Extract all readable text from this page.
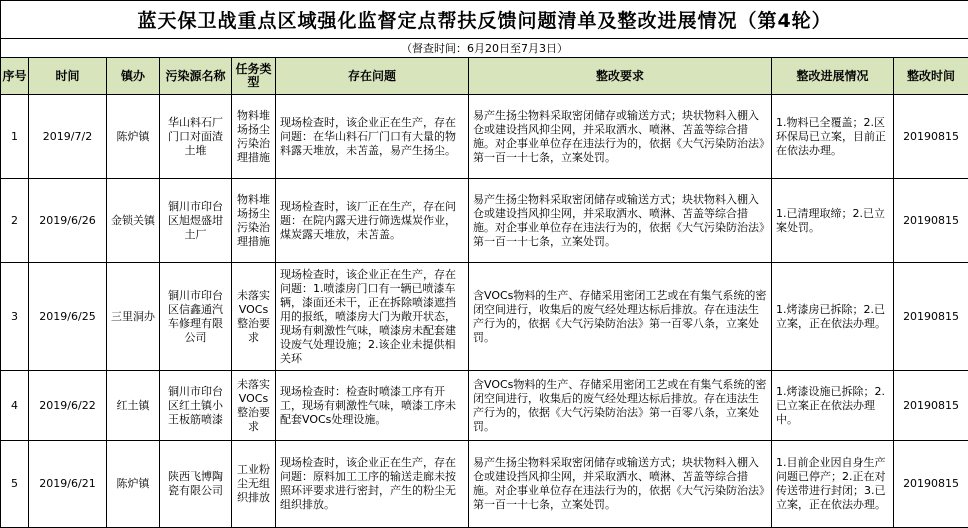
蓝天保卫战重点区域强化监督定点帮扶反馈问题清单及整改进展情况（第4轮）								
（督查时间：6月20日至7月3日）								
序号	时间	镇办	污染源名称	任务类型	存在问题	整改要求	整改进展情况	整改时间
1	2019/7/2	陈炉镇	华山料石厂门口对面渣土堆	物料堆场扬尘污染治理措施	现场检查时，该企业正在生产，存在问题：在华山料石厂门口有大量的物料露天堆放，未苫盖，易产生扬尘。	易产生扬尘物料采取密闭储存或输送方式；块状物料入棚入仓或建设挡风抑尘网，并采取洒水、喷淋、苫盖等综合措施。对企事业单位存在违法行为的，依据《大气污染防治法》第一百一十七条，立案处罚。	1.物料已全覆盖；2.区环保局已立案，目前正在依法办理。	20190815
2	2019/6/26	金锁关镇	铜川市印台区旭煜盛坩土厂	物料堆场扬尘污染治理措施	现场检查时，该厂正在生产，存在问题：在院内露天进行筛选煤炭作业，煤炭露天堆放，未苫盖。	易产生扬尘物料采取密闭储存或输送方式；块状物料入棚入仓或建设挡风抑尘网，并采取洒水、喷淋、苫盖等综合措施。对企事业单位存在违法行为的，依据《大气污染防治法》第一百一十七条，立案处罚。	1.已清理取缔；2.已立案处罚。	20190815
3	2019/6/25	三里洞办	铜川市印台区信鑫通汽车修理有限公司	未落实VOCs整治要求	现场检查时，该企业正在生产，存在问题：1.喷漆房门口有一辆已喷漆车辆，漆面还未干，正在拆除喷漆遮挡用的报纸，喷漆房大门为敞开状态，现场有刺激性气味，喷漆房未配套建设废气处理设施；2.该企业未提供相关环	含VOCs物料的生产、存储采用密闭工艺或在有集气系统的密闭空间进行，收集后的废气经处理达标后排放。存在违法生产行为的，依据《大气污染防治法》第一百零八条，立案处罚。	1.烤漆房已拆除；2.已立案，正在依法办理。	20190815
4	2019/6/22	红土镇	铜川市印台区红土镇小王板筋喷漆	未落实VOCs整治要求	现场检查时：检查时喷漆工序有开工，现场有刺激性气味，喷漆工序未配套VOCs处理设施。	含VOCs物料的生产、存储采用密闭工艺或在有集气系统的密闭空间进行，收集后的废气经处理达标后排放。存在违法生产行为的，依据《大气污染防治法》第一百零八条，立案处罚。	1.烤漆设施已拆除；2.已立案正在依法办理中。	20190815
5	2019/6/21	陈炉镇	陕西飞博陶瓷有限公司	工业粉尘无组织排放	现场检查时，该企业正在生产，存在问题：原料加工工序的输送走廊未按照环评要求进行密封，产生的粉尘无组织排放。	易产生扬尘物料采取密闭储存或输送方式；块状物料入棚入仓或建设挡风抑尘网，并采取洒水、喷淋、苫盖等综合措施。对企事业单位存在违法行为的，依据《大气污染防治法》第一百一十七条，立案处罚。	1.目前企业因自身生产问题已停产；2.正在对传送带进行封闭；3.已立案，正在依法办理。	20190815
